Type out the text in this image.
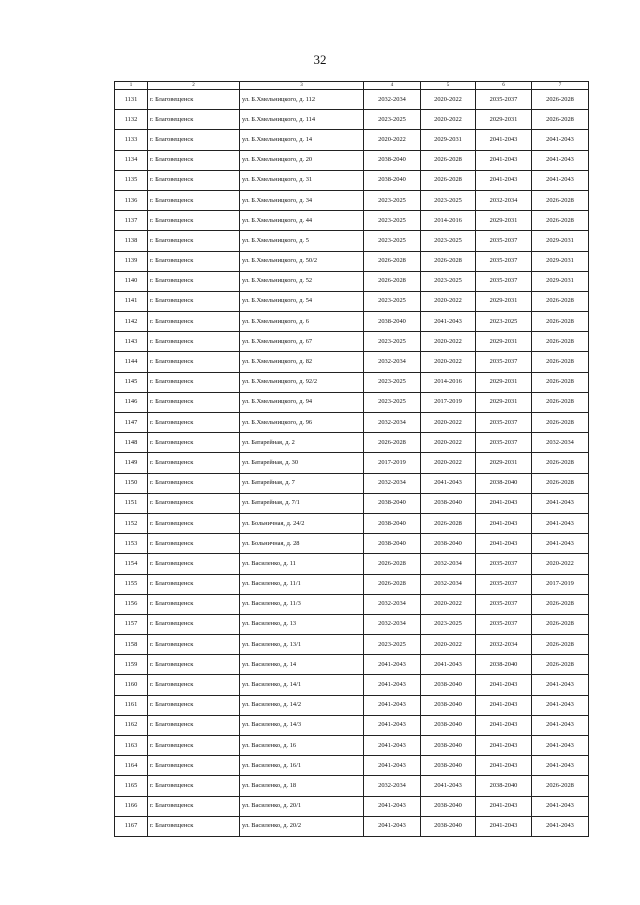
32
1	2	3	4	5	6	7
1131	г. Благовещенск	ул. Б.Хмельницкого, д. 112	2032-2034	2020-2022	2035-2037	2026-2028
1132	г. Благовещенск	ул. Б.Хмельницкого, д. 114	2023-2025	2020-2022	2029-2031	2026-2028
1133	г. Благовещенск	ул. Б.Хмельницкого, д. 14	2020-2022	2029-2031	2041-2043	2041-2043
1134	г. Благовещенск	ул. Б.Хмельницкого, д. 20	2038-2040	2026-2028	2041-2043	2041-2043
1135	г. Благовещенск	ул. Б.Хмельницкого, д. 31	2038-2040	2026-2028	2041-2043	2041-2043
1136	г. Благовещенск	ул. Б.Хмельницкого, д. 34	2023-2025	2023-2025	2032-2034	2026-2028
1137	г. Благовещенск	ул. Б.Хмельницкого, д. 44	2023-2025	2014-2016	2029-2031	2026-2028
1138	г. Благовещенск	ул. Б.Хмельницкого, д. 5	2023-2025	2023-2025	2035-2037	2029-2031
1139	г. Благовещенск	ул. Б.Хмельницкого, д. 50/2	2026-2028	2026-2028	2035-2037	2029-2031
1140	г. Благовещенск	ул. Б.Хмельницкого, д. 52	2026-2028	2023-2025	2035-2037	2029-2031
1141	г. Благовещенск	ул. Б.Хмельницкого, д. 54	2023-2025	2020-2022	2029-2031	2026-2028
1142	г. Благовещенск	ул. Б.Хмельницкого, д. 6	2038-2040	2041-2043	2023-2025	2026-2028
1143	г. Благовещенск	ул. Б.Хмельницкого, д. 67	2023-2025	2020-2022	2029-2031	2026-2028
1144	г. Благовещенск	ул. Б.Хмельницкого, д. 82	2032-2034	2020-2022	2035-2037	2026-2028
1145	г. Благовещенск	ул. Б.Хмельницкого, д. 92/2	2023-2025	2014-2016	2029-2031	2026-2028
1146	г. Благовещенск	ул. Б.Хмельницкого, д. 94	2023-2025	2017-2019	2029-2031	2026-2028
1147	г. Благовещенск	ул. Б.Хмельницкого, д. 96	2032-2034	2020-2022	2035-2037	2026-2028
1148	г. Благовещенск	ул. Батарейная, д. 2	2026-2028	2020-2022	2035-2037	2032-2034
1149	г. Благовещенск	ул. Батарейная, д. 30	2017-2019	2020-2022	2029-2031	2026-2028
1150	г. Благовещенск	ул. Батарейная, д. 7	2032-2034	2041-2043	2038-2040	2026-2028
1151	г. Благовещенск	ул. Батарейная, д. 7/1	2038-2040	2038-2040	2041-2043	2041-2043
1152	г. Благовещенск	ул. Больничная, д. 24/2	2038-2040	2026-2028	2041-2043	2041-2043
1153	г. Благовещенск	ул. Больничная, д. 28	2038-2040	2038-2040	2041-2043	2041-2043
1154	г. Благовещенск	ул. Василенко, д. 11	2026-2028	2032-2034	2035-2037	2020-2022
1155	г. Благовещенск	ул. Василенко, д. 11/1	2026-2028	2032-2034	2035-2037	2017-2019
1156	г. Благовещенск	ул. Василенко, д. 11/3	2032-2034	2020-2022	2035-2037	2026-2028
1157	г. Благовещенск	ул. Василенко, д. 13	2032-2034	2023-2025	2035-2037	2026-2028
1158	г. Благовещенск	ул. Василенко, д. 13/1	2023-2025	2020-2022	2032-2034	2026-2028
1159	г. Благовещенск	ул. Василенко, д. 14	2041-2043	2041-2043	2038-2040	2026-2028
1160	г. Благовещенск	ул. Василенко, д. 14/1	2041-2043	2038-2040	2041-2043	2041-2043
1161	г. Благовещенск	ул. Василенко, д. 14/2	2041-2043	2038-2040	2041-2043	2041-2043
1162	г. Благовещенск	ул. Василенко, д. 14/3	2041-2043	2038-2040	2041-2043	2041-2043
1163	г. Благовещенск	ул. Василенко, д. 16	2041-2043	2038-2040	2041-2043	2041-2043
1164	г. Благовещенск	ул. Василенко, д. 16/1	2041-2043	2038-2040	2041-2043	2041-2043
1165	г. Благовещенск	ул. Василенко, д. 18	2032-2034	2041-2043	2038-2040	2026-2028
1166	г. Благовещенск	ул. Василенко, д. 20/1	2041-2043	2038-2040	2041-2043	2041-2043
1167	г. Благовещенск	ул. Василенко, д. 20/2	2041-2043	2038-2040	2041-2043	2041-2043
